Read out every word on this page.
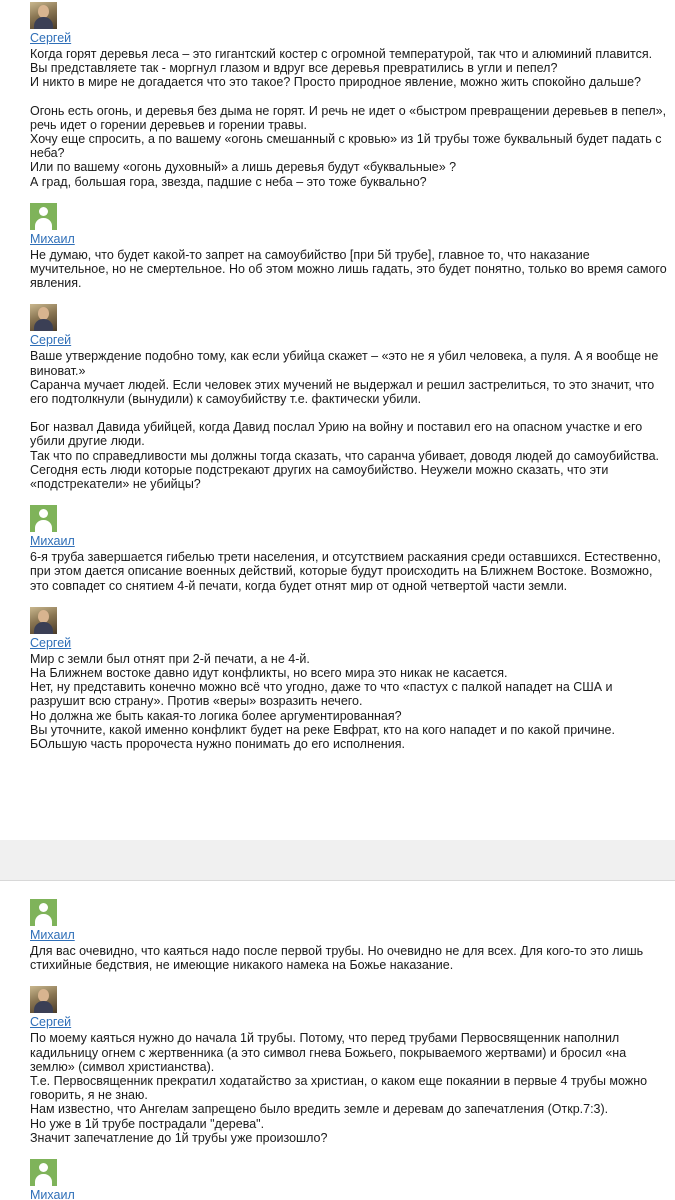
Сергей

Когда горят деревья леса – это гигантский костер с огромной температурой, так что и алюминий плавится.

Вы представляете так - моргнул глазом и вдруг все деревья превратились в угли и пепел?

И никто в мире не догадается что это такое? Просто природное явление, можно жить спокойно дальше?

Огонь есть огонь, и деревья без дыма не горят. И речь не идет о «быстром превращении деревьев в пепел», речь идет о горении деревьев и горении травы.

Хочу еще спросить, а по вашему «огонь смешанный с кровью» из 1й трубы тоже буквальный будет падать с неба?

Или по вашему «огонь духовный» а лишь деревья будут «буквальные» ?

А град, большая гора, звезда, падшие с неба – это тоже буквально?

Михаил

Не думаю, что будет какой-то запрет на самоубийство [при 5й трубе], главное то, что наказание мучительное, но не смертельное. Но об этом можно лишь гадать, это будет понятно, только во время самого явления.

Сергей

Ваше утверждение подобно тому, как если убийца скажет – «это не я убил человека, а пуля. А я вообще не виноват.»

Саранча мучает людей. Если человек этих мучений не выдержал и решил застрелиться, то это значит, что его подтолкнули (вынудили) к самоубийству т.е. фактически убили.

Бог назвал Давида убийцей, когда Давид послал Урию на войну и поставил его на опасном участке и его убили другие люди.

Так что по справедливости мы должны тогда сказать, что саранча убивает, доводя людей до самоубийства.

Сегодня есть люди которые подстрекают других на самоубийство. Неужели можно сказать, что эти «подстрекатели» не убийцы?

Михаил

6-я труба завершается гибелью трети населения, и отсутствием раскаяния среди оставшихся. Естественно, при этом дается описание военных действий, которые будут происходить на Ближнем Востоке. Возможно, это совпадет со снятием 4-й печати, когда будет отнят мир от одной четвертой части земли.

Сергей

Мир с земли был отнят при 2-й печати, а не 4-й.

На Ближнем востоке давно идут конфликты, но всего мира это никак не касается.

Нет, ну представить конечно можно всё что угодно, даже то что «пастух с палкой нападет на США и разрушит всю страну». Против «веры» возразить нечего.

Но должна же быть какая-то логика более аргументированная?

Вы уточните, какой именно конфликт будет на реке Евфрат, кто на кого нападет и по какой причине.

БОльшую часть пророчеста нужно понимать до его исполнения.

Михаил

Для вас очевидно, что каяться надо после первой трубы. Но очевидно не для всех. Для кого-то это лишь стихийные бедствия, не имеющие никакого намека на Божье наказание.

Сергей

По моему каяться нужно до начала 1й трубы. Потому, что перед трубами Первосвященник наполнил кадильницу огнем с жертвенника (а это символ гнева Божьего, покрываемого жертвами) и бросил «на землю» (символ христианства).

Т.е. Первосвященник прекратил ходатайство за христиан, о каком еще покаянии в первые 4 трубы можно говорить, я не знаю.

Нам известно, что Ангелам запрещено было вредить земле и деревам до запечатления (Откр.7:3).

Но уже в 1й трубе пострадали "дерева".

Значит запечатление до 1й трубы уже произошло?

Михаил
